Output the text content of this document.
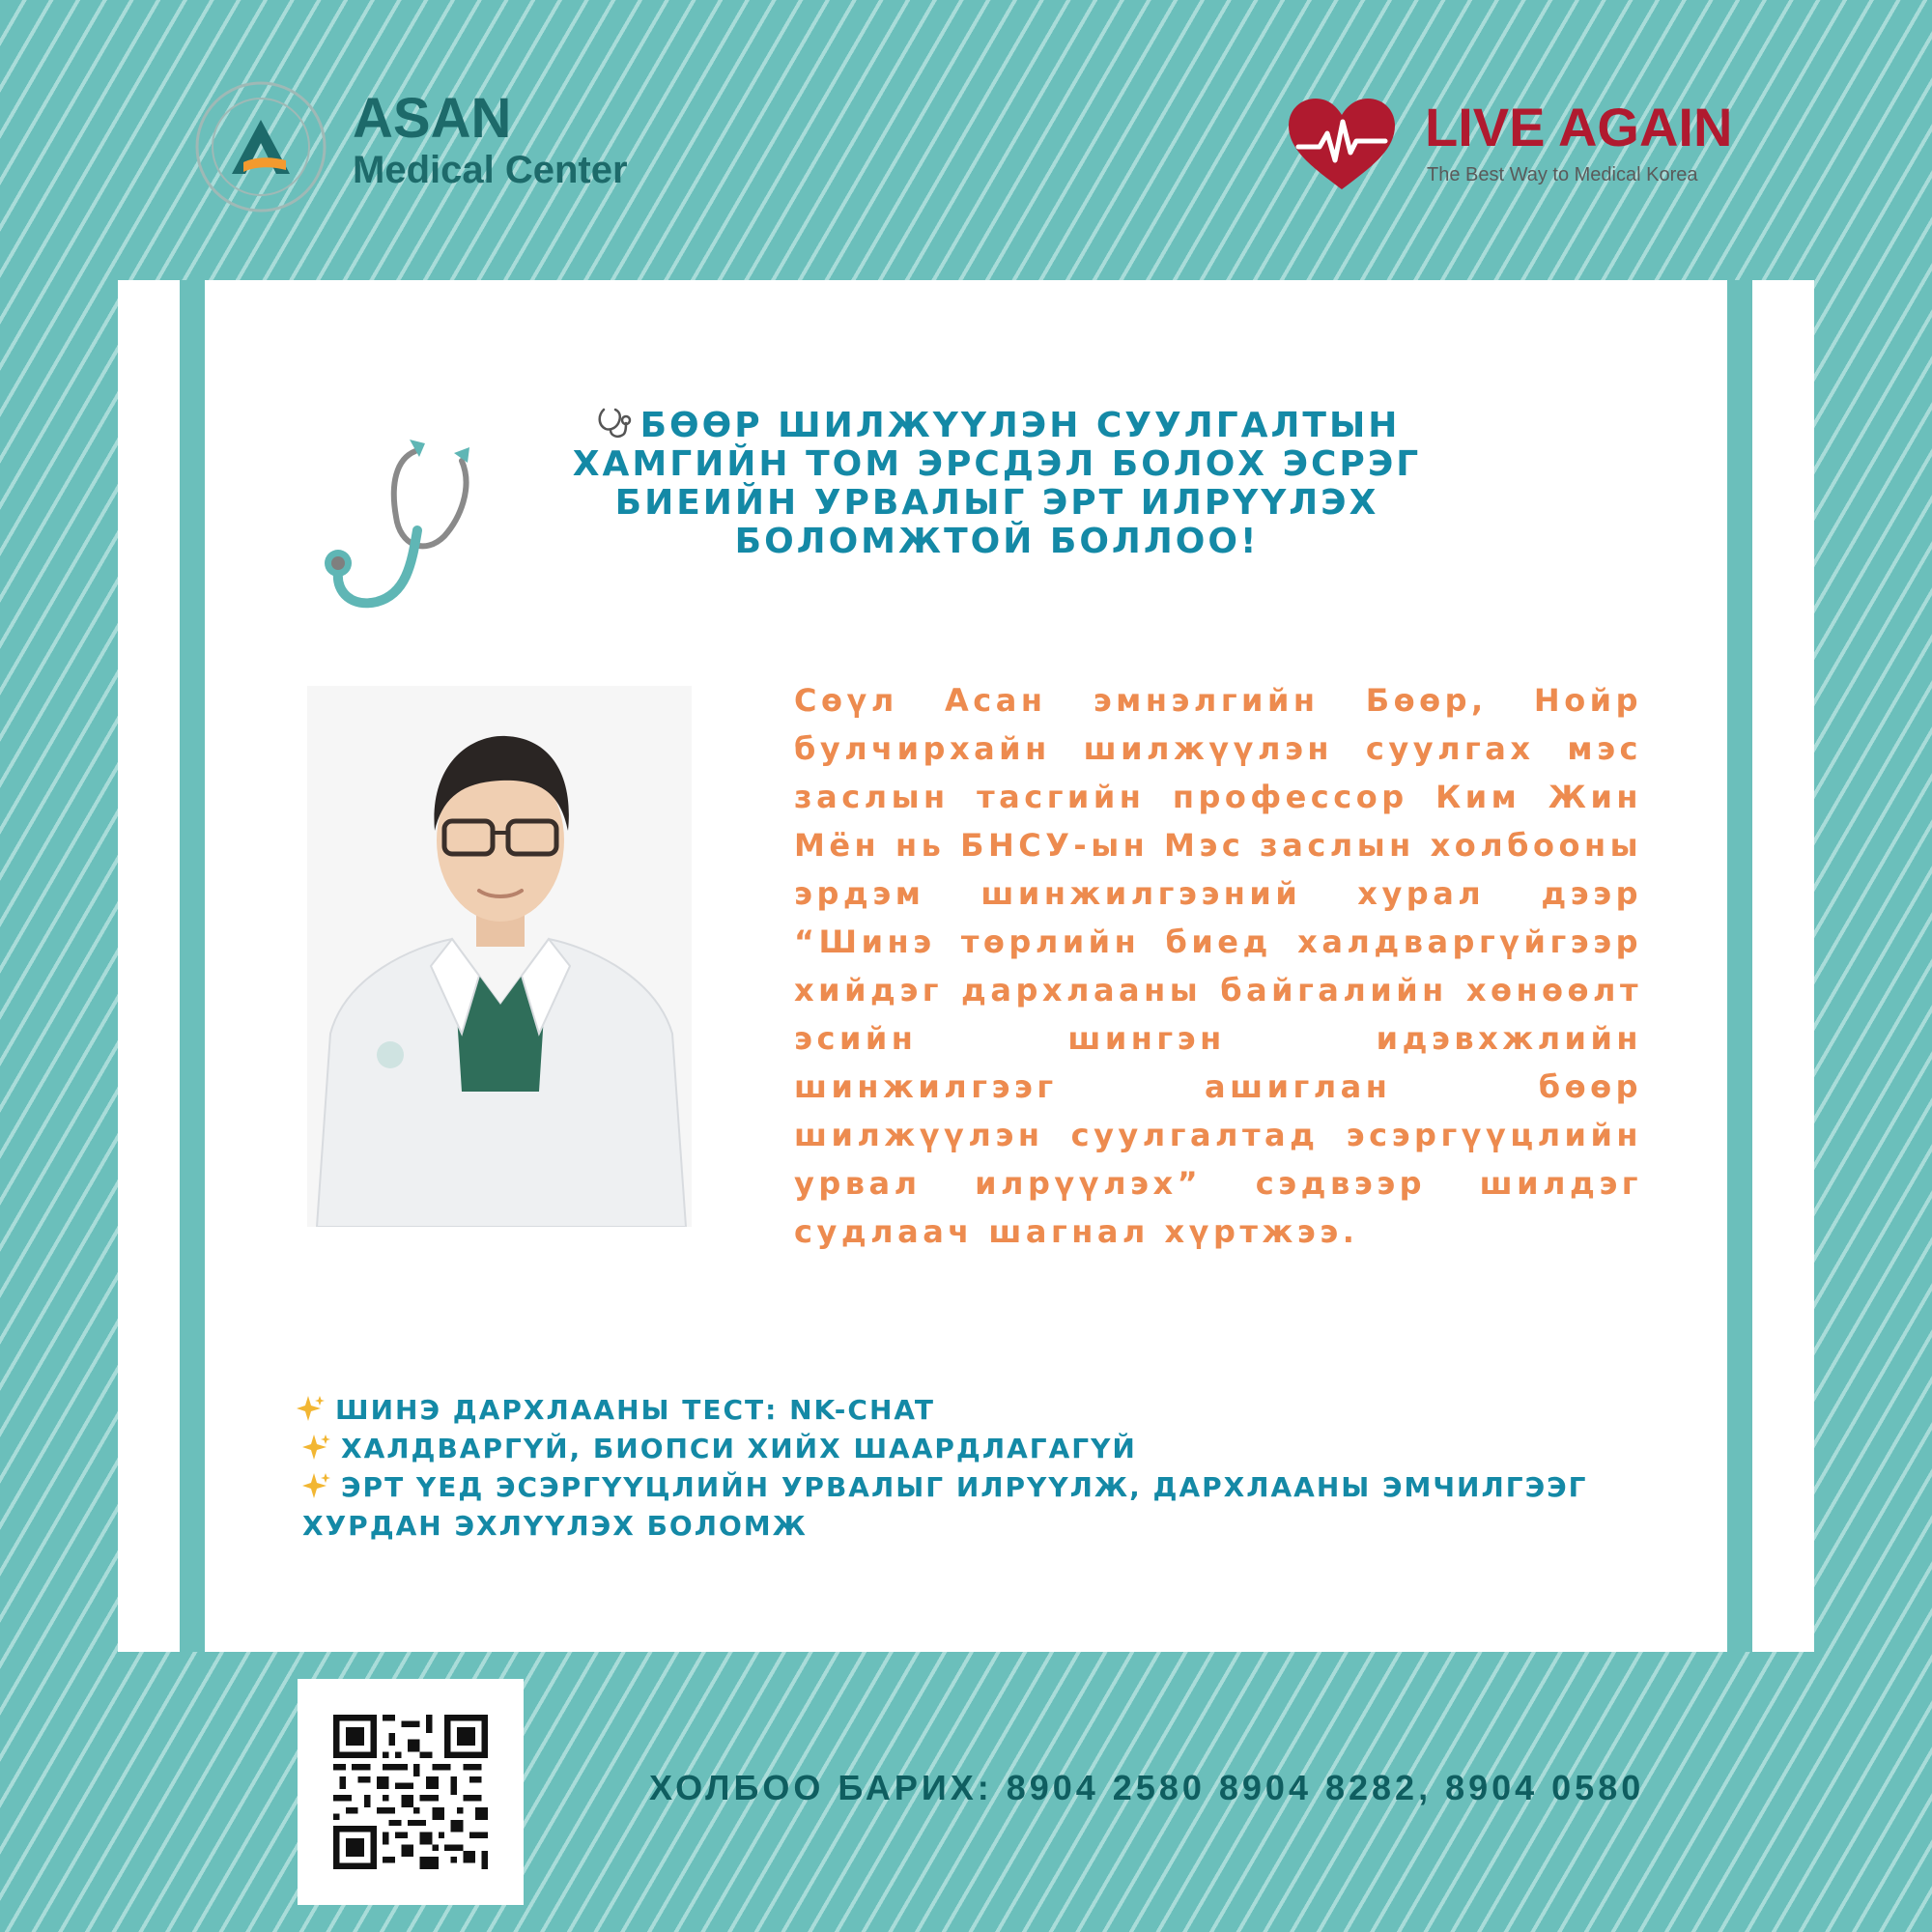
ASAN
Medical Center
LIVE AGAIN
The Best Way to Medical Korea
БӨӨР ШИЛЖҮҮЛЭН СУУЛГАЛТЫН ХАМГИЙН ТОМ ЭРСДЭЛ БОЛОХ ЭСРЭГ БИЕИЙН УРВАЛЫГ ЭРТ ИЛРҮҮЛЭХ БОЛОМЖТОЙ БОЛЛОО!

Сөүл Асан эмнэлгийн Бөөр, Нойр булчирхайн шилжүүлэн суулгах мэс заслын тасгийн профессор Ким Жин Мён нь БНСУ-ын Мэс заслын холбооны эрдэм шинжилгээний хурал дээр “Шинэ төрлийн биед халдваргүйгээр хийдэг дархлааны байгалийн хөнөөлт эсийн шингэн идэвхжлийн шинжилгээг ашиглан бөөр шилжүүлэн суулгалтад эсэргүүцлийн урвал илрүүлэх” сэдвээр шилдэг судлаач шагнал хүртжээ.

ШИНЭ ДАРХЛААНЫ ТЕСТ: NK-CHAT
ХАЛДВАРГҮЙ, БИОПСИ ХИЙХ ШААРДЛАГАГҮЙ
ЭРТ ҮЕД ЭСЭРГҮҮЦЛИЙН УРВАЛЫГ ИЛРҮҮЛЖ, ДАРХЛААНЫ ЭМЧИЛГЭЭГ ХУРДАН ЭХЛҮҮЛЭХ БОЛОМЖ
ХОЛБОО БАРИХ: 8904 2580 8904 8282, 8904 0580
